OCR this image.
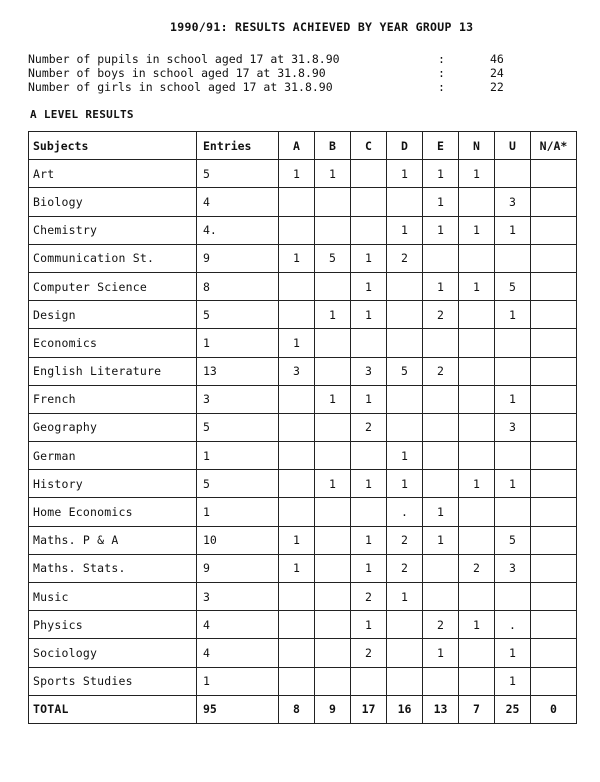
1990/91: RESULTS ACHIEVED BY YEAR GROUP 13
Number of pupils in school aged 17 at 31.8.90	:	46
Number of boys in school aged 17 at 31.8.90	:	24
Number of girls in school aged 17 at 31.8.90	:	22
A LEVEL RESULTS
Subjects	Entries	A	B	C	D	E	N	U	N/A*
Art	5	1	1		1	1	1		
Biology	4					1		3	
Chemistry	4.				1	1	1	1	
Communication St.	9	1	5	1	2				
Computer Science	8			1		1	1	5	
Design	5		1	1		2		1	
Economics	1	1							
English Literature	13	3		3	5	2			
French	3		1	1				1	
Geography	5			2				3	
German	1				1				
History	5		1	1	1		1	1	
Home Economics	1				.	1			
Maths. P & A	10	1		1	2	1		5	
Maths. Stats.	9	1		1	2		2	3	
Music	3			2	1				
Physics	4			1		2	1	.	
Sociology	4			2		1		1	
Sports Studies	1							1	
TOTAL	95	8	9	17	16	13	7	25	0
